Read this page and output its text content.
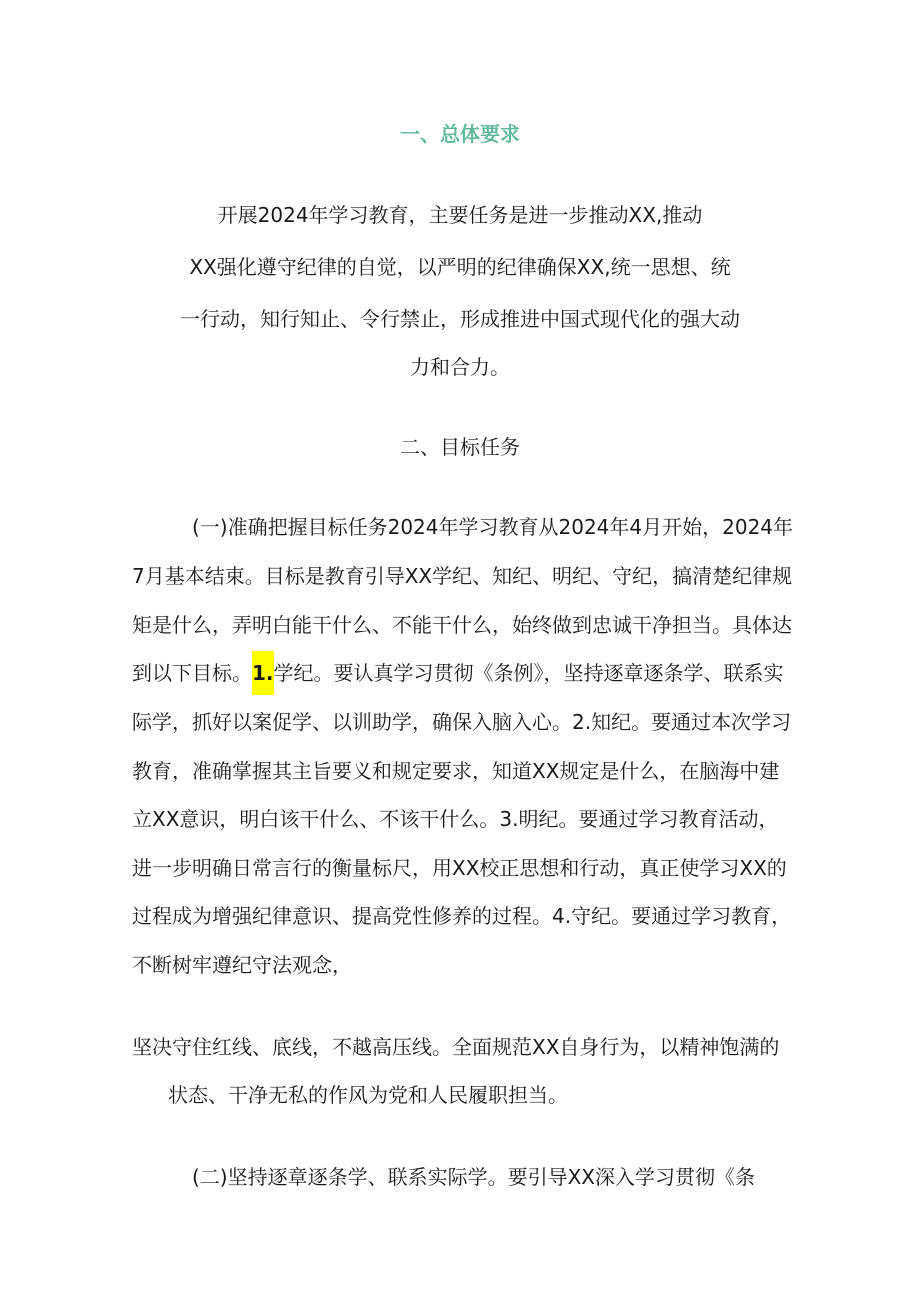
一、总体要求
开展2024年学习教育，主要任务是进一步推动XX,推动
XX强化遵守纪律的自觉，以严明的纪律确保XX,统一思想、统
一行动，知行知止、令行禁止，形成推进中国式现代化的强大动
力和合力。
二、目标任务
(一)准确把握目标任务2024年学习教育从2024年4月开始，2024年
7月基本结束。目标是教育引导XX学纪、知纪、明纪、守纪，搞清楚纪律规
矩是什么，弄明白能干什么、不能干什么，始终做到忠诚干净担当。具体达
到以下目标。1.学纪。要认真学习贯彻《条例》，坚持逐章逐条学、联系实
际学，抓好以案促学、以训助学，确保入脑入心。2.知纪。要通过本次学习
教育，准确掌握其主旨要义和规定要求，知道XX规定是什么，在脑海中建
立XX意识，明白该干什么、不该干什么。3.明纪。要通过学习教育活动，
进一步明确日常言行的衡量标尺，用XX校正思想和行动，真正使学习XX的
过程成为增强纪律意识、提高党性修养的过程。4.守纪。要通过学习教育，
不断树牢遵纪守法观念，
坚决守住红线、底线，不越高压线。全面规范XX自身行为，以精神饱满的
状态、干净无私的作风为党和人民履职担当。
(二)坚持逐章逐条学、联系实际学。要引导XX深入学习贯彻《条
